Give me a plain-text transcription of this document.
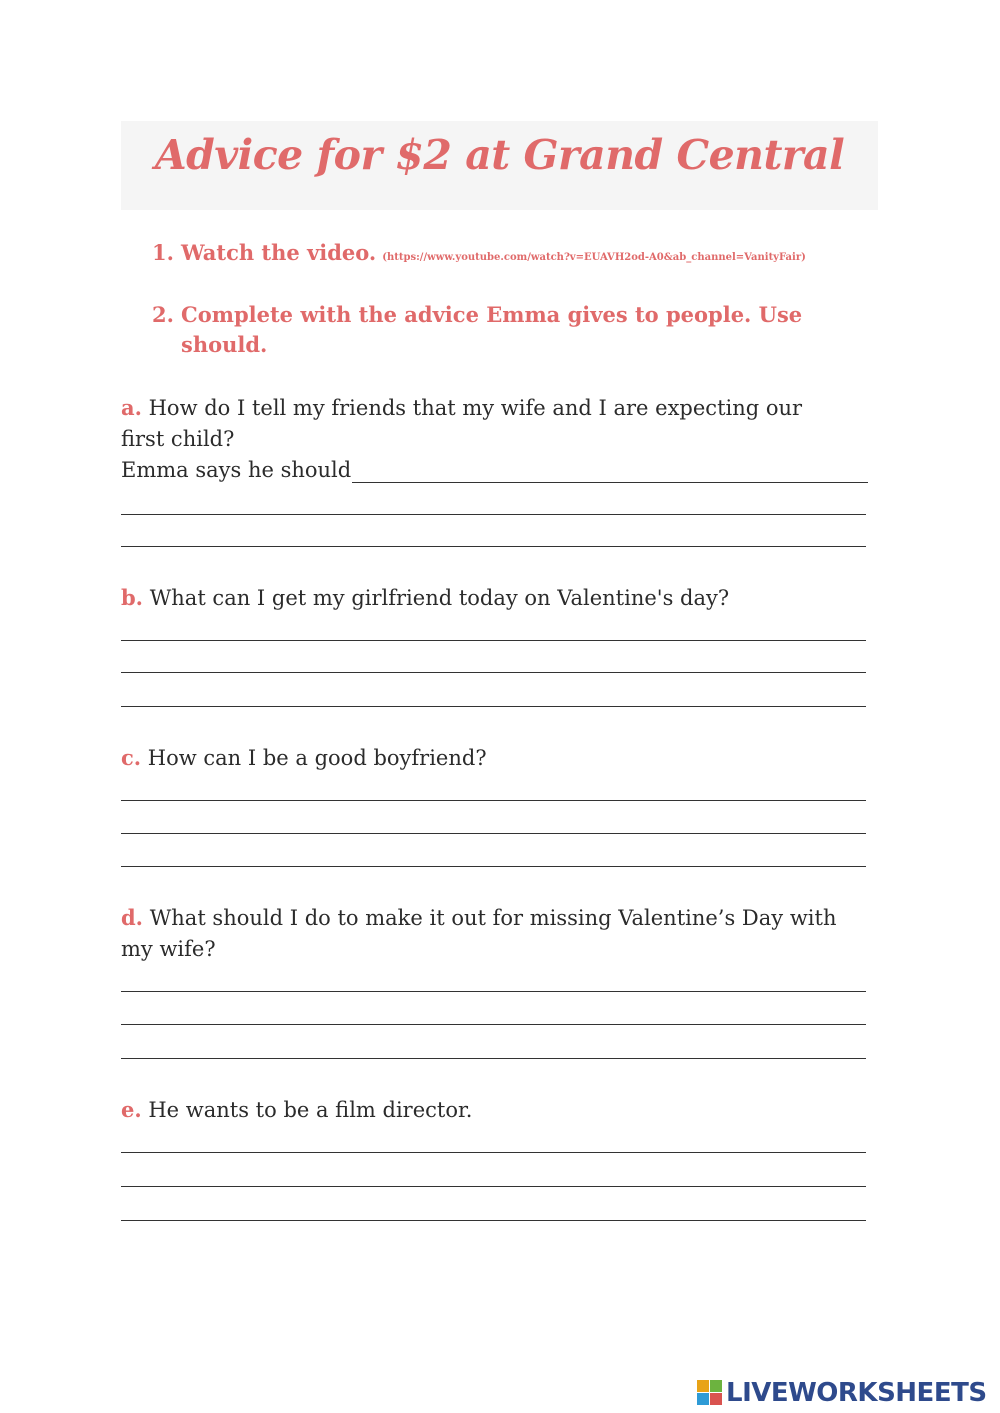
Advice for $2 at Grand Central
1. Watch the video. (https://www.youtube.com/watch?v=EUAVH2od-A0&ab_channel=VanityFair)
2. Complete with the advice Emma gives to people. Use should.
a. How do I tell my friends that my wife and I are expecting our first child?
Emma says he should
b. What can I get my girlfriend today on Valentine's day?
c. How can I be a good boyfriend?
d. What should I do to make it out for missing Valentine’s Day with my wife?
e. He wants to be a film director.
LIVEWORKSHEETS
